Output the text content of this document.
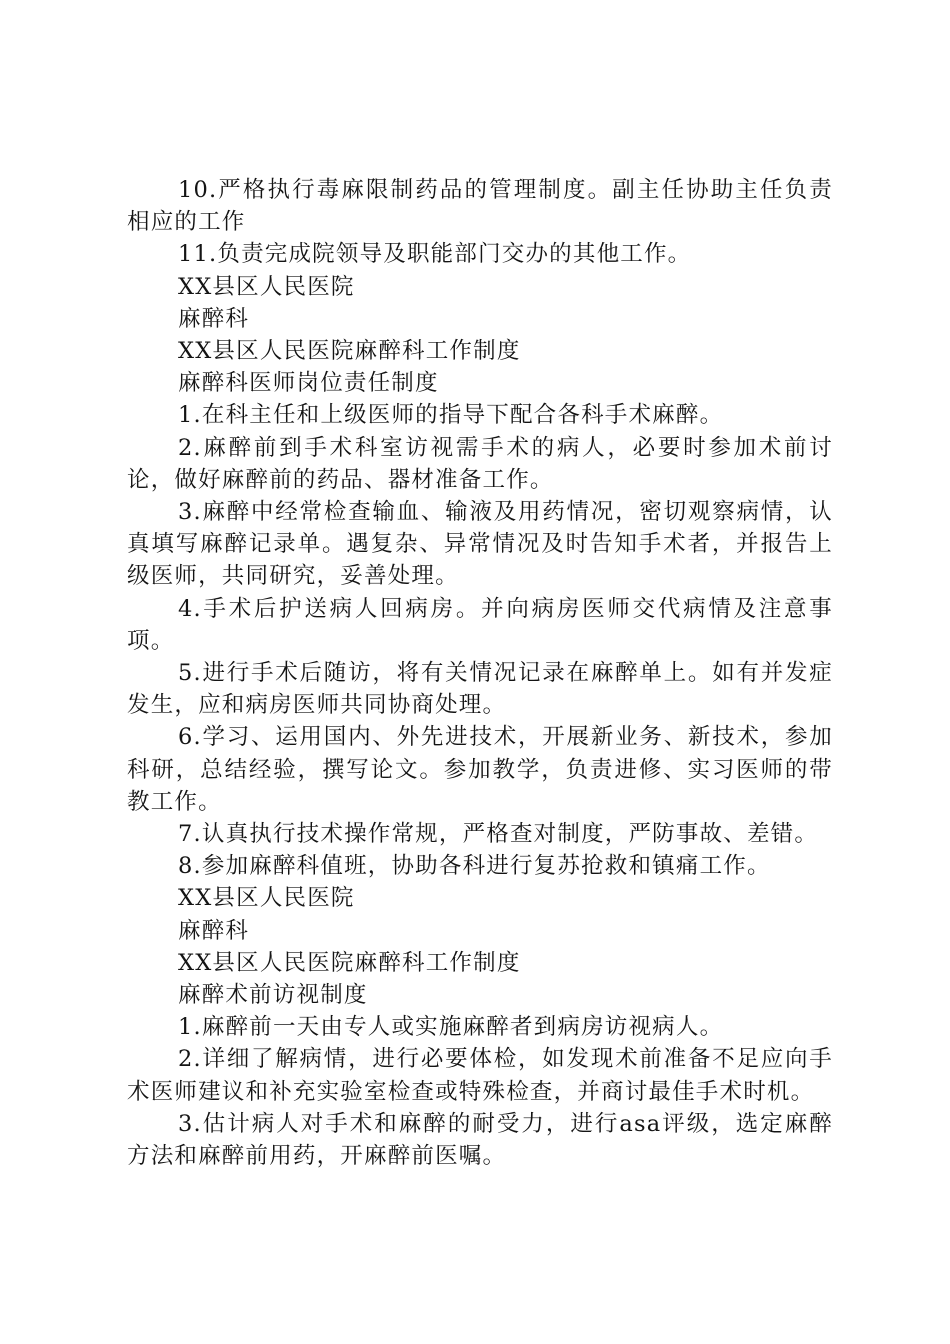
10.严格执行毒麻限制药品的管理制度。副主任协助主任负责相应的工作

11.负责完成院领导及职能部门交办的其他工作。

XX县区人民医院

麻醉科

XX县区人民医院麻醉科工作制度

麻醉科医师岗位责任制度

1.在科主任和上级医师的指导下配合各科手术麻醉。

2.麻醉前到手术科室访视需手术的病人，必要时参加术前讨论，做好麻醉前的药品、器材准备工作。

3.麻醉中经常检查输血、输液及用药情况，密切观察病情，认真填写麻醉记录单。遇复杂、异常情况及时告知手术者，并报告上级医师，共同研究，妥善处理。

4.手术后护送病人回病房。并向病房医师交代病情及注意事项。

5.进行手术后随访，将有关情况记录在麻醉单上。如有并发症发生，应和病房医师共同协商处理。

6.学习、运用国内、外先进技术，开展新业务、新技术，参加科研，总结经验，撰写论文。参加教学，负责进修、实习医师的带教工作。

7.认真执行技术操作常规，严格查对制度，严防事故、差错。

8.参加麻醉科值班，协助各科进行复苏抢救和镇痛工作。

XX县区人民医院

麻醉科

XX县区人民医院麻醉科工作制度

麻醉术前访视制度

1.麻醉前一天由专人或实施麻醉者到病房访视病人。

2.详细了解病情，进行必要体检，如发现术前准备不足应向手术医师建议和补充实验室检查或特殊检查，并商讨最佳手术时机。

3.估计病人对手术和麻醉的耐受力，进行asa评级，选定麻醉方法和麻醉前用药，开麻醉前医嘱。
